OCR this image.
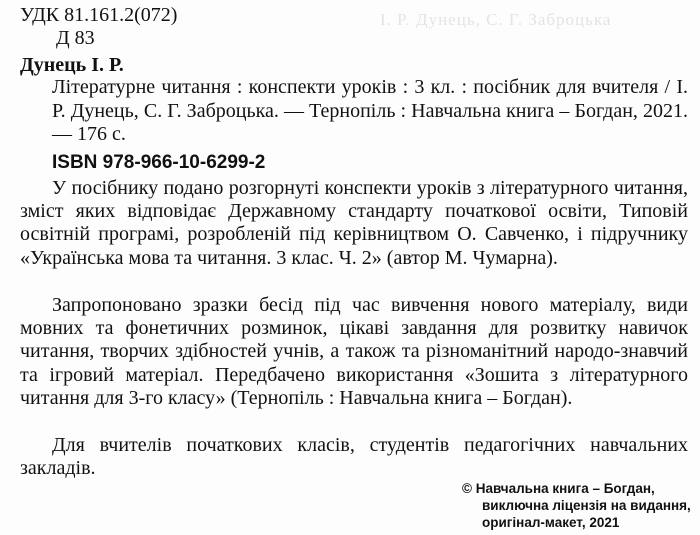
І. Р. Дунець, С. Г. Заброцька
УДК 81.161.2(072)
Д 83
Дунець І. Р.

Літературне читання : конспекти уроків : 3 кл. : посібник для вчителя / І. Р. Дунець, С. Г. Заброцька. — Тернопіль : Навчальна книга – Богдан, 2021. — 176 с.

ISBN 978-966-10-6299-2

У посібнику подано розгорнуті конспекти уроків з літературного читання, зміст яких відповідає Державному стандарту початкової освіти, Типовій освітній програмі, розробленій під керівництвом О. Савченко, і підручнику «Українська мова та читання. 3 клас. Ч. 2» (автор М. Чумарна).

Запропоновано зразки бесід під час вивчення нового матеріалу, види мовних та фонетичних розминок, цікаві завдання для розвитку навичок читання, творчих здібностей учнів, а також та різноманітний народо-знавчий та ігровий матеріал. Передбачено використання «Зошита з літературного читання для 3-го класу» (Тернопіль : Навчальна книга – Богдан).

Для вчителів початкових класів, студентів педагогічних навчальних закладів.

© Навчальна книга – Богдан,
виключна ліцензія на видання,
оригінал-макет, 2021
